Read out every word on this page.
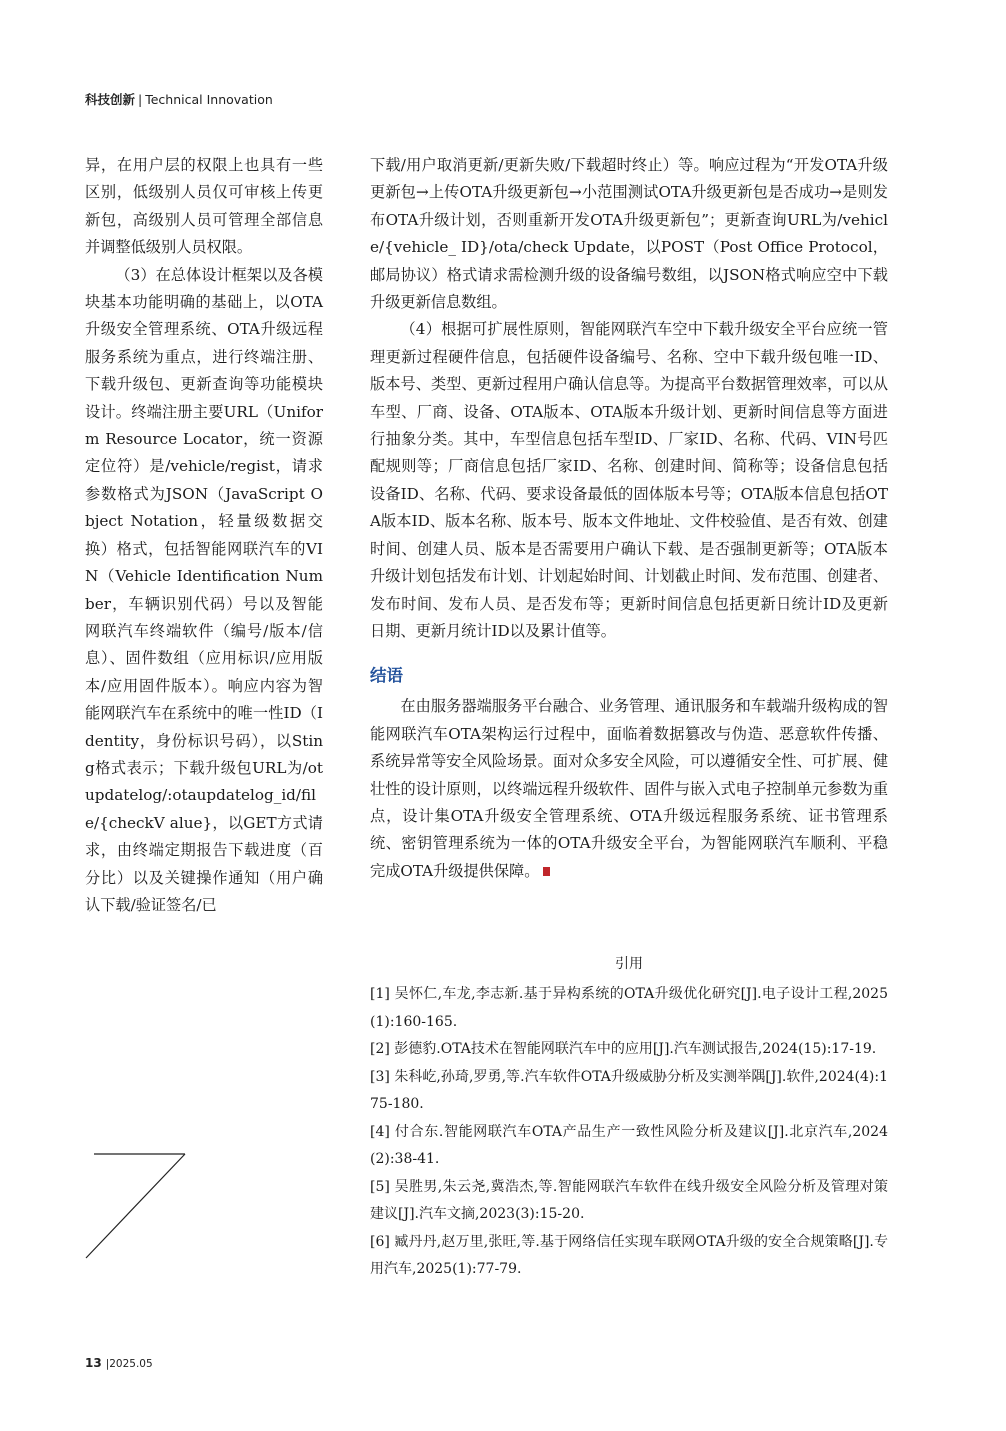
科技创新 | Technical Innovation

异，在用户层的权限上也具有一些区别，低级别人员仅可审核上传更新包，高级别人员可管理全部信息并调整低级别人员权限。

（3）在总体设计框架以及各模块基本功能明确的基础上，以OTA升级安全管理系统、OTA升级远程服务系统为重点，进行终端注册、下载升级包、更新查询等功能模块设计。终端注册主要URL（Uniform Resource Locator，统一资源定位符）是/vehicle/regist，请求参数格式为JSON（JavaScript Object Notation，轻量级数据交换）格式，包括智能网联汽车的VIN（Vehicle Identification Number，车辆识别代码）号以及智能网联汽车终端软件（编号/版本/信息）、固件数组（应用标识/应用版本/应用固件版本）。响应内容为智能网联汽车在系统中的唯一性ID（Identity，身份标识号码），以Sting格式表示；下载升级包URL为/otupdatelog/:otaupdatelog_id/file/{checkV alue}，以GET方式请求，由终端定期报告下载进度（百分比）以及关键操作通知（用户确认下载/验证签名/已

下载/用户取消更新/更新失败/下载超时终止）等。响应过程为“开发OTA升级更新包→上传OTA升级更新包→小范围测试OTA升级更新包是否成功→是则发布OTA升级计划，否则重新开发OTA升级更新包”；更新查询URL为/vehicle/{vehicle_ ID}/ota/check Update，以POST（Post Office Protocol，邮局协议）格式请求需检测升级的设备编号数组，以JSON格式响应空中下载升级更新信息数组。

（4）根据可扩展性原则，智能网联汽车空中下载升级安全平台应统一管理更新过程硬件信息，包括硬件设备编号、名称、空中下载升级包唯一ID、版本号、类型、更新过程用户确认信息等。为提高平台数据管理效率，可以从车型、厂商、设备、OTA版本、OTA版本升级计划、更新时间信息等方面进行抽象分类。其中，车型信息包括车型ID、厂家ID、名称、代码、VIN号匹配规则等；厂商信息包括厂家ID、名称、创建时间、简称等；设备信息包括设备ID、名称、代码、要求设备最低的固体版本号等；OTA版本信息包括OTA版本ID、版本名称、版本号、版本文件地址、文件校验值、是否有效、创建时间、创建人员、版本是否需要用户确认下载、是否强制更新等；OTA版本升级计划包括发布计划、计划起始时间、计划截止时间、发布范围、创建者、发布时间、发布人员、是否发布等；更新时间信息包括更新日统计ID及更新日期、更新月统计ID以及累计值等。

结语

在由服务器端服务平台融合、业务管理、通讯服务和车载端升级构成的智能网联汽车OTA架构运行过程中，面临着数据篡改与伪造、恶意软件传播、系统异常等安全风险场景。面对众多安全风险，可以遵循安全性、可扩展、健壮性的设计原则，以终端远程升级软件、固件与嵌入式电子控制单元参数为重点，设计集OTA升级安全管理系统、OTA升级远程服务系统、证书管理系统、密钥管理系统为一体的OTA升级安全平台，为智能网联汽车顺利、平稳完成OTA升级提供保障。

引用

[1] 吴怀仁,车龙,李志新.基于异构系统的OTA升级优化研究[J].电子设计工程,2025(1):160-165.

[2] 彭德豹.OTA技术在智能网联汽车中的应用[J].汽车测试报告,2024(15):17-19.

[3] 朱科屹,孙琦,罗勇,等.汽车软件OTA升级威胁分析及实测举隅[J].软件,2024(4):175-180.

[4] 付合东.智能网联汽车OTA产品生产一致性风险分析及建议[J].北京汽车,2024(2):38-41.

[5] 吴胜男,朱云尧,冀浩杰,等.智能网联汽车软件在线升级安全风险分析及管理对策建议[J].汽车文摘,2023(3):15-20.

[6] 臧丹丹,赵万里,张旺,等.基于网络信任实现车联网OTA升级的安全合规策略[J].专用汽车,2025(1):77-79.

13 |2025.05
